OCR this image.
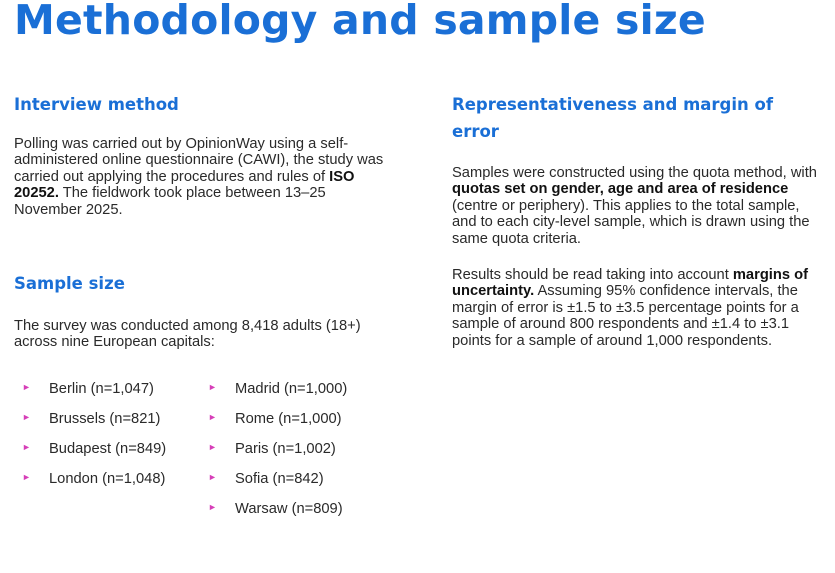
Methodology and sample size
Interview method

Polling was carried out by OpinionWay using a self-administered online questionnaire (CAWI), the study was carried out applying the procedures and rules of ISO 20252. The fieldwork took place between 13–25 November 2025.

Sample size

The survey was conducted among 8,418 adults (18+) across nine European capitals:

► Berlin (n=1,047)
► Brussels (n=821)
► Budapest (n=849)
► London (n=1,048)
► Madrid (n=1,000)
► Rome (n=1,000)
► Paris (n=1,002)
► Sofia (n=842)
► Warsaw (n=809)
Representativeness and margin of error

Samples were constructed using the quota method, with quotas set on gender, age and area of residence (centre or periphery). This applies to the total sample, and to each city-level sample, which is drawn using the same quota criteria.

Results should be read taking into account margins of uncertainty. Assuming 95% confidence intervals, the margin of error is ±1.5 to ±3.5 percentage points for a sample of around 800 respondents and ±1.4 to ±3.1 points for a sample of around 1,000 respondents.
